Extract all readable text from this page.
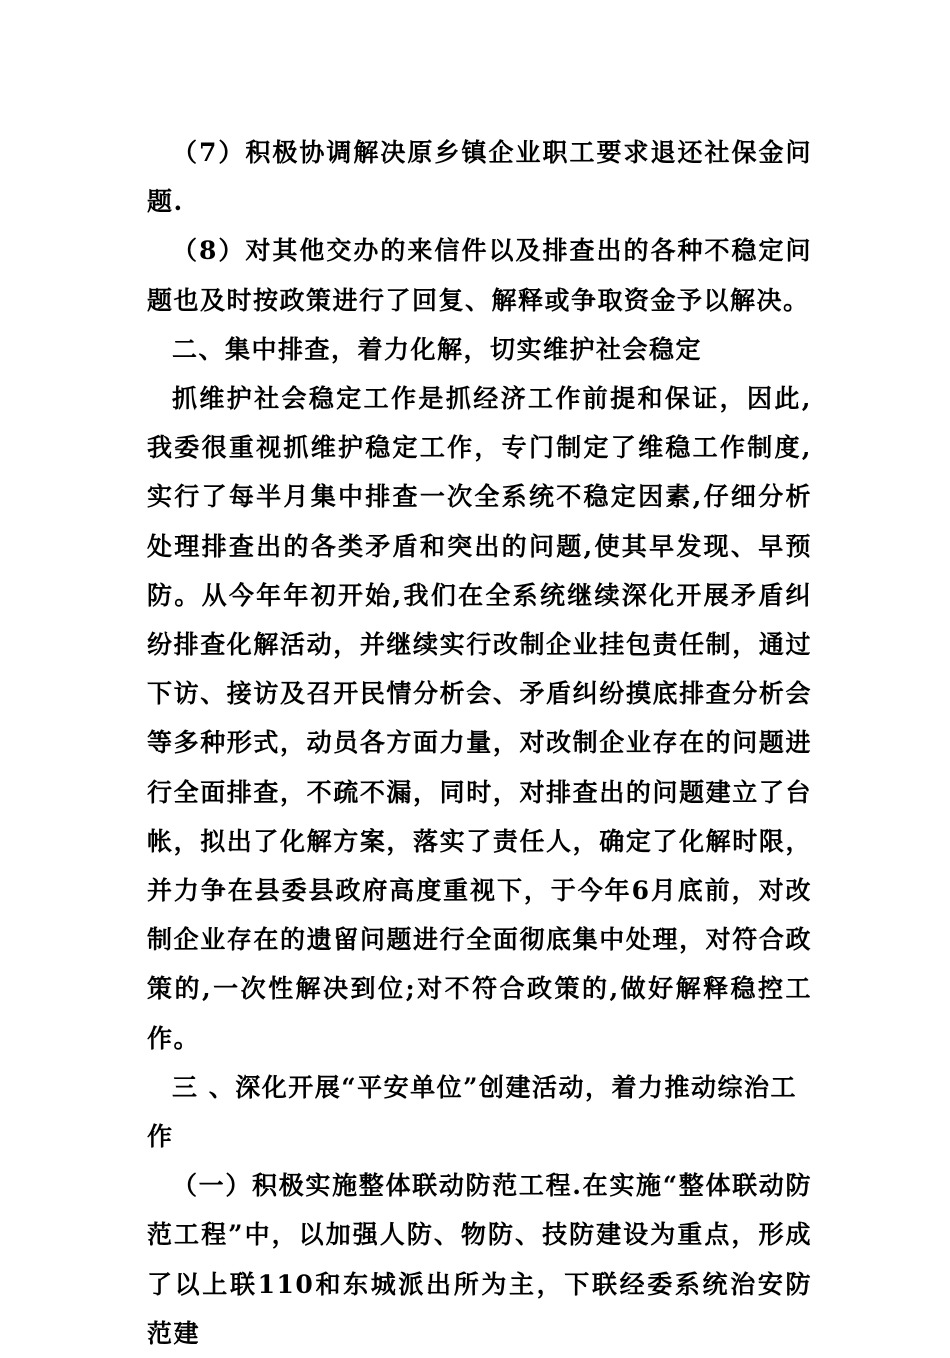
（7）积极协调解决原乡镇企业职工要求退还社保金问题.

（8）对其他交办的来信件以及排查出的各种不稳定问题也及时按政策进行了回复、解释或争取资金予以解决。

二、集中排查，着力化解，切实维护社会稳定

抓维护社会稳定工作是抓经济工作前提和保证，因此,我委很重视抓维护稳定工作，专门制定了维稳工作制度,实行了每半月集中排查一次全系统不稳定因素,仔细分析处理排查出的各类矛盾和突出的问题,使其早发现、早预防。从今年年初开始,我们在全系统继续深化开展矛盾纠纷排查化解活动，并继续实行改制企业挂包责任制，通过下访、接访及召开民情分析会、矛盾纠纷摸底排查分析会等多种形式，动员各方面力量，对改制企业存在的问题进行全面排查，不疏不漏，同时，对排查出的问题建立了台帐，拟出了化解方案，落实了责任人，确定了化解时限，并力争在县委县政府高度重视下，于今年6月底前，对改制企业存在的遗留问题进行全面彻底集中处理，对符合政策的,一次性解决到位;对不符合政策的,做好解释稳控工作。

三 、深化开展“平安单位”创建活动，着力推动综治工作

（一）积极实施整体联动防范工程.在实施“整体联动防范工程”中，以加强人防、物防、技防建设为重点，形成了以上联110和东城派出所为主，下联经委系统治安防范建
